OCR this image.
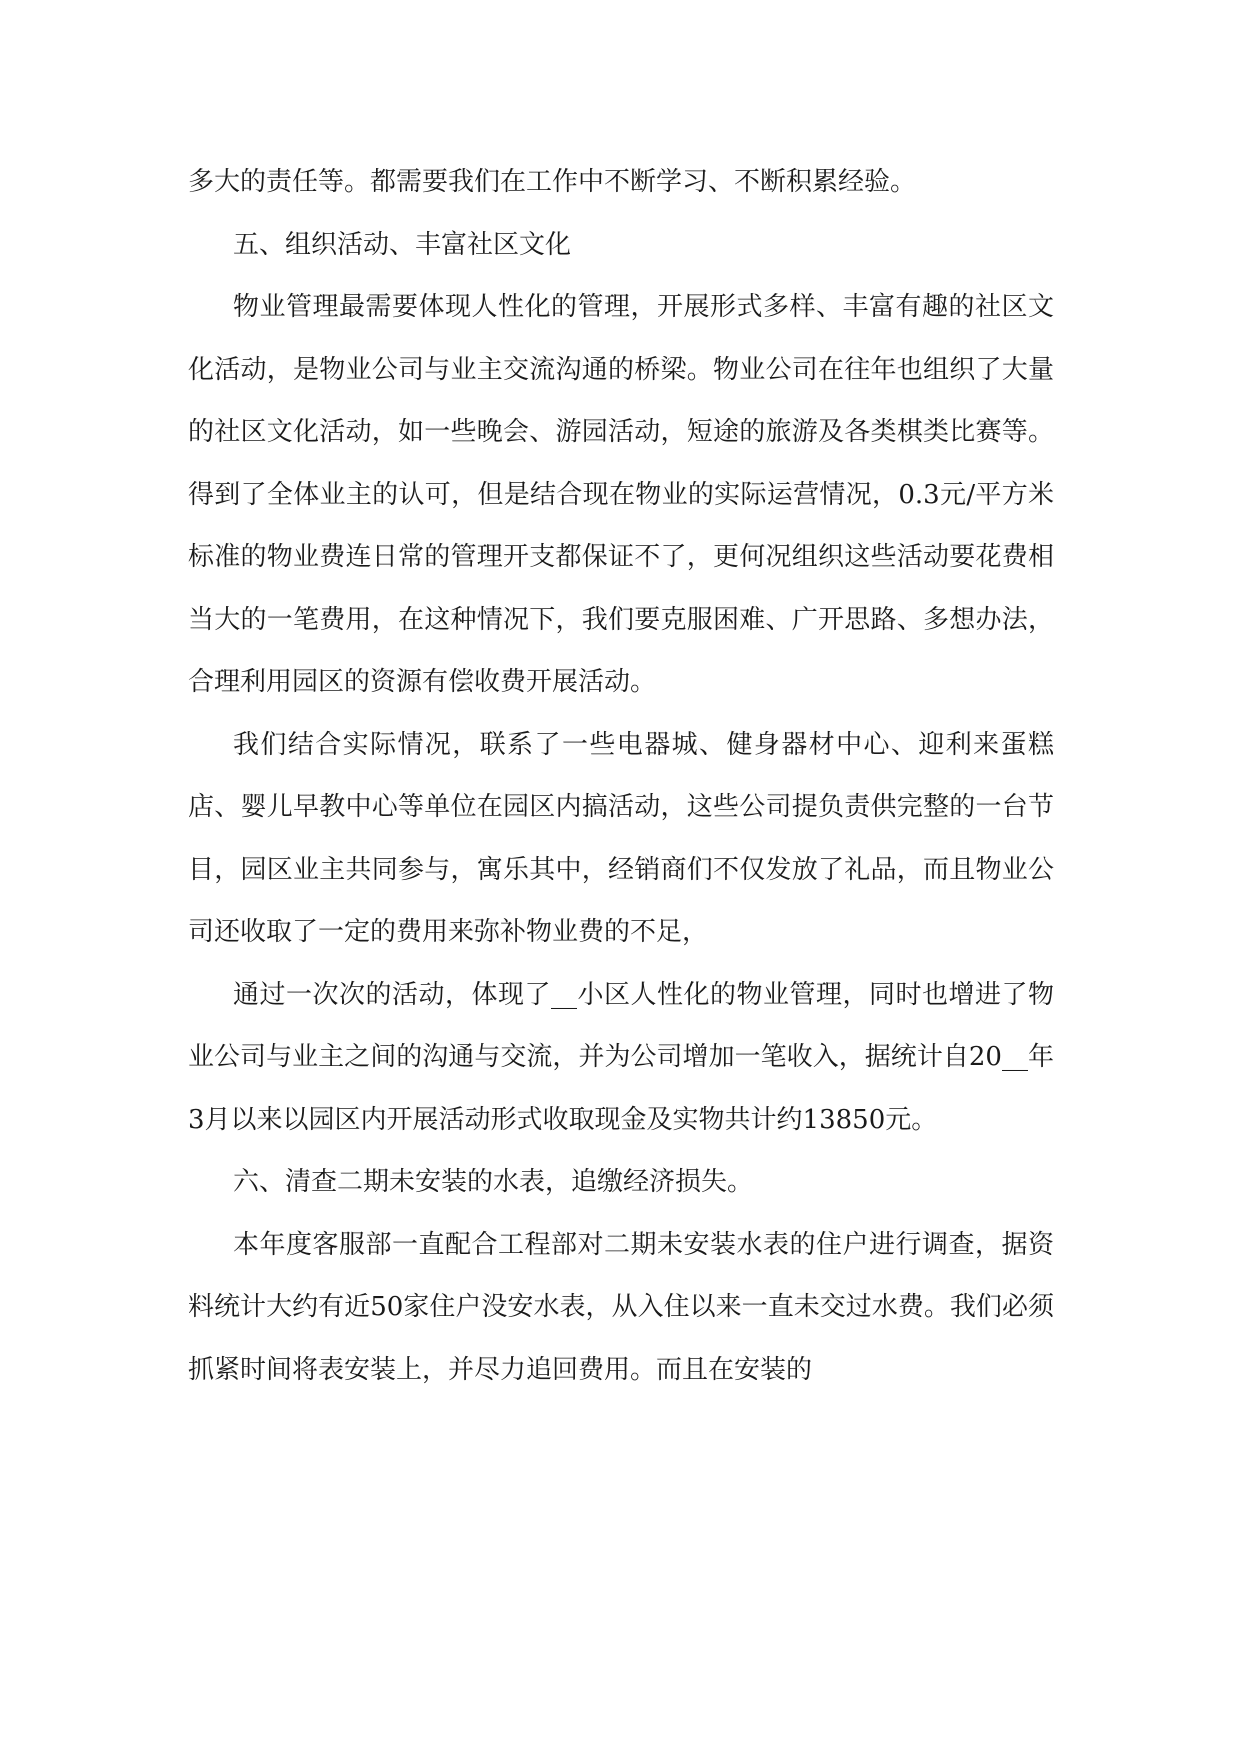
多大的责任等。都需要我们在工作中不断学习、不断积累经验。

五、组织活动、丰富社区文化

物业管理最需要体现人性化的管理，开展形式多样、丰富有趣的社区文化活动，是物业公司与业主交流沟通的桥梁。物业公司在往年也组织了大量的社区文化活动，如一些晚会、游园活动，短途的旅游及各类棋类比赛等。得到了全体业主的认可，但是结合现在物业的实际运营情况，0.3元/平方米标准的物业费连日常的管理开支都保证不了，更何况组织这些活动要花费相当大的一笔费用，在这种情况下，我们要克服困难、广开思路、多想办法，合理利用园区的资源有偿收费开展活动。

我们结合实际情况，联系了一些电器城、健身器材中心、迎利来蛋糕店、婴儿早教中心等单位在园区内搞活动，这些公司提负责供完整的一台节目，园区业主共同参与，寓乐其中，经销商们不仅发放了礼品，而且物业公司还收取了一定的费用来弥补物业费的不足，

通过一次次的活动，体现了__小区人性化的物业管理，同时也增进了物业公司与业主之间的沟通与交流，并为公司增加一笔收入，据统计自20__年3月以来以园区内开展活动形式收取现金及实物共计约13850元。

六、清查二期未安装的水表，追缴经济损失。

本年度客服部一直配合工程部对二期未安装水表的住户进行调查，据资料统计大约有近50家住户没安水表，从入住以来一直未交过水费。我们必须抓紧时间将表安装上，并尽力追回费用。而且在安装的
